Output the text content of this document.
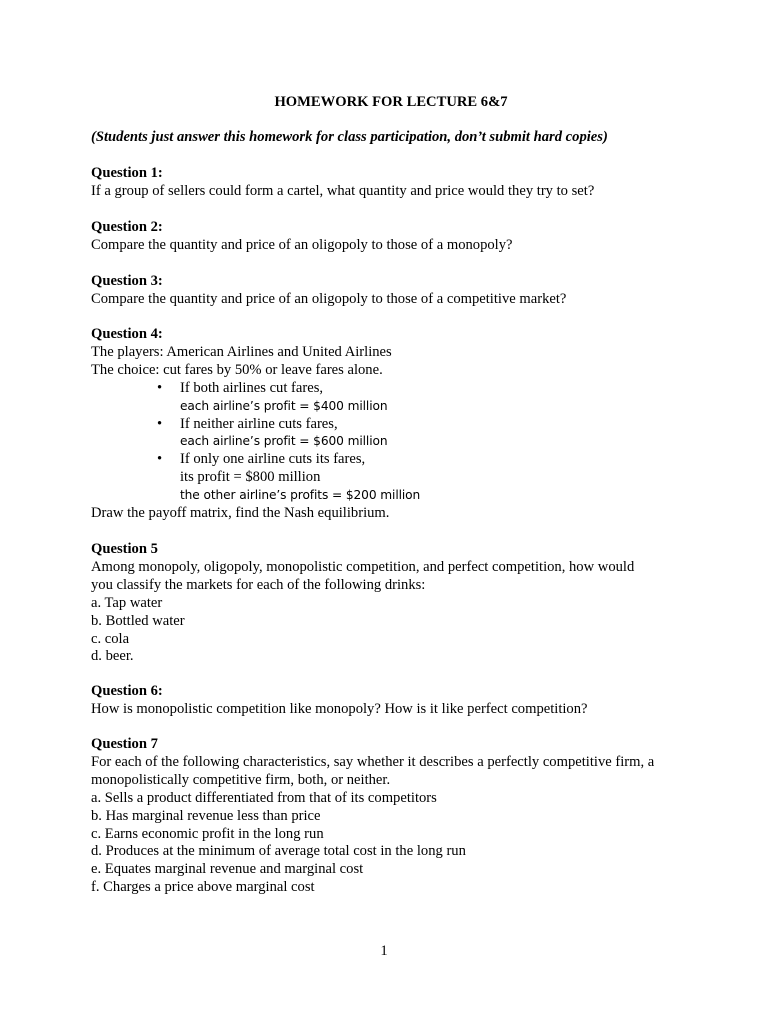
HOMEWORK FOR LECTURE 6&7
(Students just answer this homework for class participation, don’t submit hard copies)
Question 1:
If a group of sellers could form a cartel, what quantity and price would they try to set?
Question 2:
Compare the quantity and price of an oligopoly to those of a monopoly?
Question 3:
Compare the quantity and price of an oligopoly to those of a competitive market?
Question 4:
The players: American Airlines and United Airlines
The choice: cut fares by 50% or leave fares alone.
• If both airlines cut fares,
each airline’s profit = $400 million
• If neither airline cuts fares,
each airline’s profit = $600 million
• If only one airline cuts its fares,
its profit = $800 million
the other airline’s profits = $200 million
Draw the payoff matrix, find the Nash equilibrium.
Question 5
Among monopoly, oligopoly, monopolistic competition, and perfect competition, how would
you classify the markets for each of the following drinks:
a. Tap water
b. Bottled water
c. cola
d. beer.
Question 6:
How is monopolistic competition like monopoly? How is it like perfect competition?
Question 7
For each of the following characteristics, say whether it describes a perfectly competitive firm, a
monopolistically competitive firm, both, or neither.
a. Sells a product differentiated from that of its competitors
b. Has marginal revenue less than price
c. Earns economic profit in the long run
d. Produces at the minimum of average total cost in the long run
e. Equates marginal revenue and marginal cost
f. Charges a price above marginal cost
1
